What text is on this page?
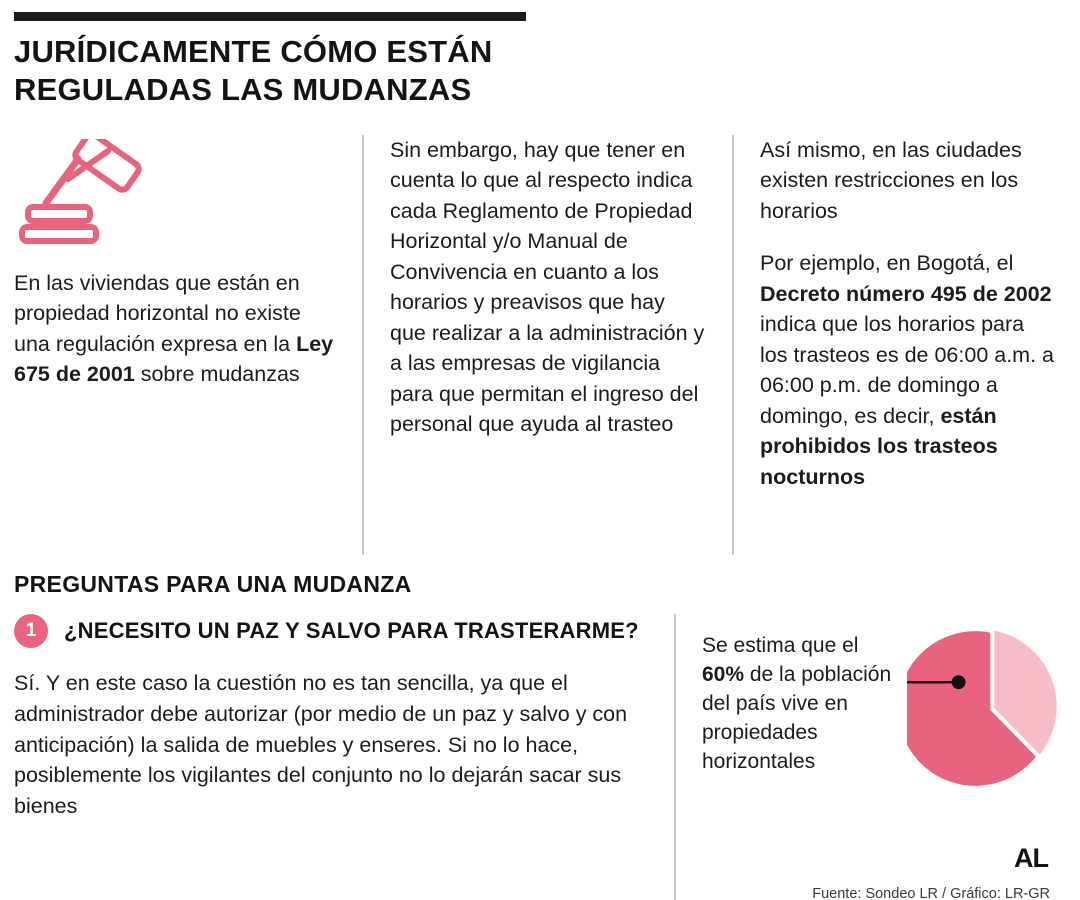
JURÍDICAMENTE CÓMO ESTÁN
REGULADAS LAS MUDANZAS
En las viviendas que están en propiedad horizontal no existe una regulación expresa en la Ley 675 de 2001 sobre mudanzas
Sin embargo, hay que tener en cuenta lo que al respecto indica cada Reglamento de Propiedad Horizontal y/o Manual de Convivencia en cuanto a los horarios y preavisos que hay que realizar a la administración y a las empresas de vigilancia para que permitan el ingreso del personal que ayuda al trasteo
Así mismo, en las ciudades existen restricciones en los horarios
Por ejemplo, en Bogotá, el Decreto número 495 de 2002 indica que los horarios para los trasteos es de 06:00 a.m. a 06:00 p.m. de domingo a domingo, es decir, están prohibidos los trasteos nocturnos
PREGUNTAS PARA UNA MUDANZA
1	¿NECESITO UN PAZ Y SALVO PARA TRASTERARME?
Sí. Y en este caso la cuestión no es tan sencilla, ya que el administrador debe autorizar (por medio de un paz y salvo y con anticipación) la salida de muebles y enseres. Si no lo hace, posiblemente los vigilantes del conjunto no lo dejarán sacar sus bienes
Se estima que el 60% de la población del país vive en propiedades horizontales
AL
Fuente: Sondeo LR / Gráfico: LR-GR
